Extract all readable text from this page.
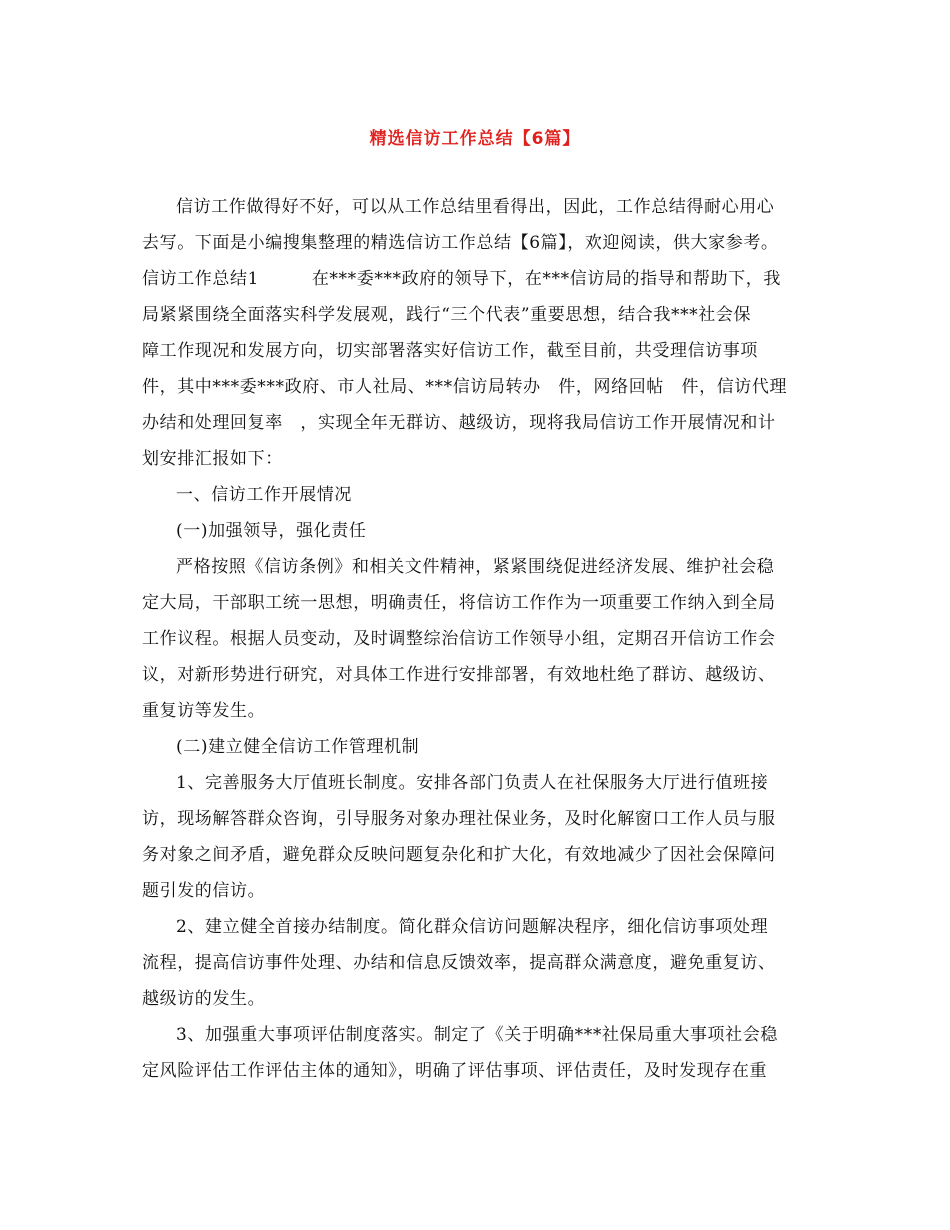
精选信访工作总结【6篇】
信访工作做得好不好，可以从工作总结里看得出，因此，工作总结得耐心用心
去写。下面是小编搜集整理的精选信访工作总结【6篇】，欢迎阅读，供大家参考。
信访工作总结1　　　在***委***政府的领导下，在***信访局的指导和帮助下，我
局紧紧围绕全面落实科学发展观，践行“三个代表”重要思想，结合我***社会保
障工作现况和发展方向，切实部署落实好信访工作，截至目前，共受理信访事项
件，其中***委***政府、市人社局、***信访局转办　件，网络回帖　件，信访代理
办结和处理回复率　，实现全年无群访、越级访，现将我局信访工作开展情况和计
划安排汇报如下：
一、信访工作开展情况
(一)加强领导，强化责任
严格按照《信访条例》和相关文件精神，紧紧围绕促进经济发展、维护社会稳
定大局，干部职工统一思想，明确责任，将信访工作作为一项重要工作纳入到全局
工作议程。根据人员变动，及时调整综治信访工作领导小组，定期召开信访工作会
议，对新形势进行研究，对具体工作进行安排部署，有效地杜绝了群访、越级访、
重复访等发生。
(二)建立健全信访工作管理机制
1、完善服务大厅值班长制度。安排各部门负责人在社保服务大厅进行值班接
访，现场解答群众咨询，引导服务对象办理社保业务，及时化解窗口工作人员与服
务对象之间矛盾，避免群众反映问题复杂化和扩大化，有效地减少了因社会保障问
题引发的信访。
2、建立健全首接办结制度。简化群众信访问题解决程序，细化信访事项处理
流程，提高信访事件处理、办结和信息反馈效率，提高群众满意度，避免重复访、
越级访的发生。
3、加强重大事项评估制度落实。制定了《关于明确***社保局重大事项社会稳
定风险评估工作评估主体的通知》，明确了评估事项、评估责任，及时发现存在重
